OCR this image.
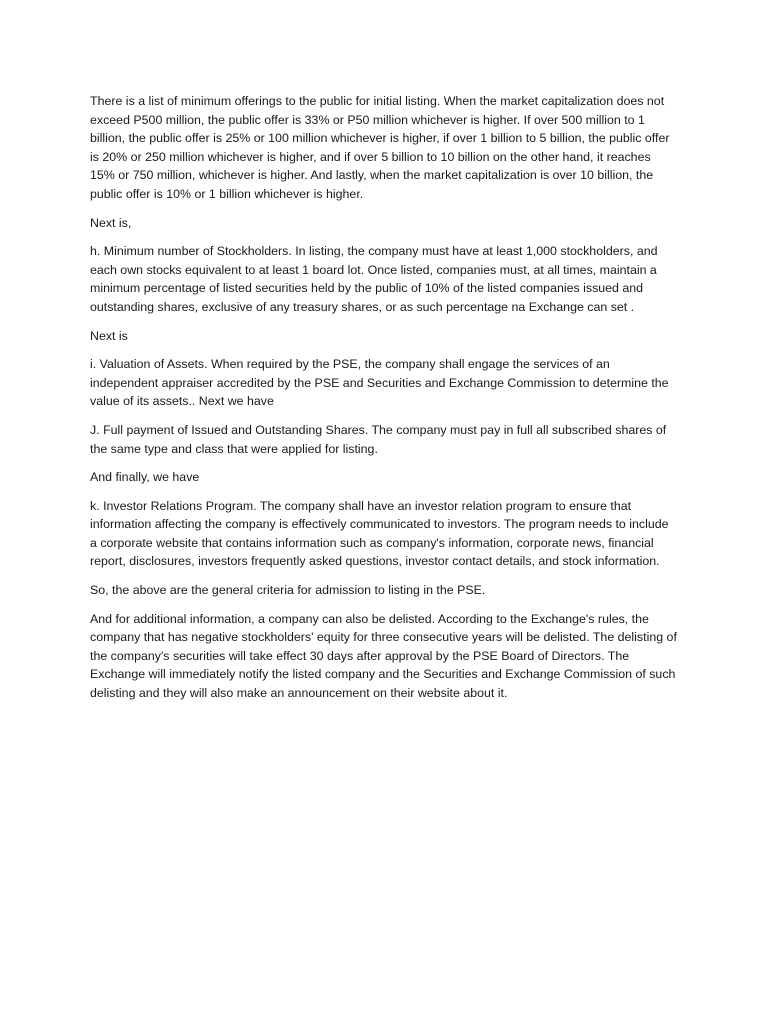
There is a list of minimum offerings to the public for initial listing. When the market capitalization does not exceed P500 million, the public offer is 33% or P50 million whichever is higher. If over 500 million to 1 billion, the public offer is 25% or 100 million whichever is higher, if over 1 billion to 5 billion, the public offer is 20% or 250 million whichever is higher, and if over 5 billion to 10 billion on the other hand, it reaches 15% or 750 million, whichever is higher. And lastly, when the market capitalization is over 10 billion, the public offer is 10% or 1 billion whichever is higher.

Next is,

h. Minimum number of Stockholders. In listing, the company must have at least 1,000 stockholders, and each own stocks equivalent to at least 1 board lot. Once listed, companies must, at all times, maintain a minimum percentage of listed securities held by the public of 10% of the listed companies issued and outstanding shares, exclusive of any treasury shares, or as such percentage na Exchange can set .

Next is

i. Valuation of Assets. When required by the PSE, the company shall engage the services of an independent appraiser accredited by the PSE and Securities and Exchange Commission to determine the value of its assets.. Next we have

J. Full payment of Issued and Outstanding Shares. The company must pay in full all subscribed shares of the same type and class that were applied for listing.

And finally, we have

k. Investor Relations Program. The company shall have an investor relation program to ensure that information affecting the company is effectively communicated to investors. The program needs to include a corporate website that contains information such as company's information, corporate news, financial report, disclosures, investors frequently asked questions, investor contact details, and stock information.

So, the above are the general criteria for admission to listing in the PSE.

And for additional information, a company can also be delisted. According to the Exchange's rules, the company that has negative stockholders' equity for three consecutive years will be delisted. The delisting of the company's securities will take effect 30 days after approval by the PSE Board of Directors. The Exchange will immediately notify the listed company and the Securities and Exchange Commission of such delisting and they will also make an announcement on their website about it.
